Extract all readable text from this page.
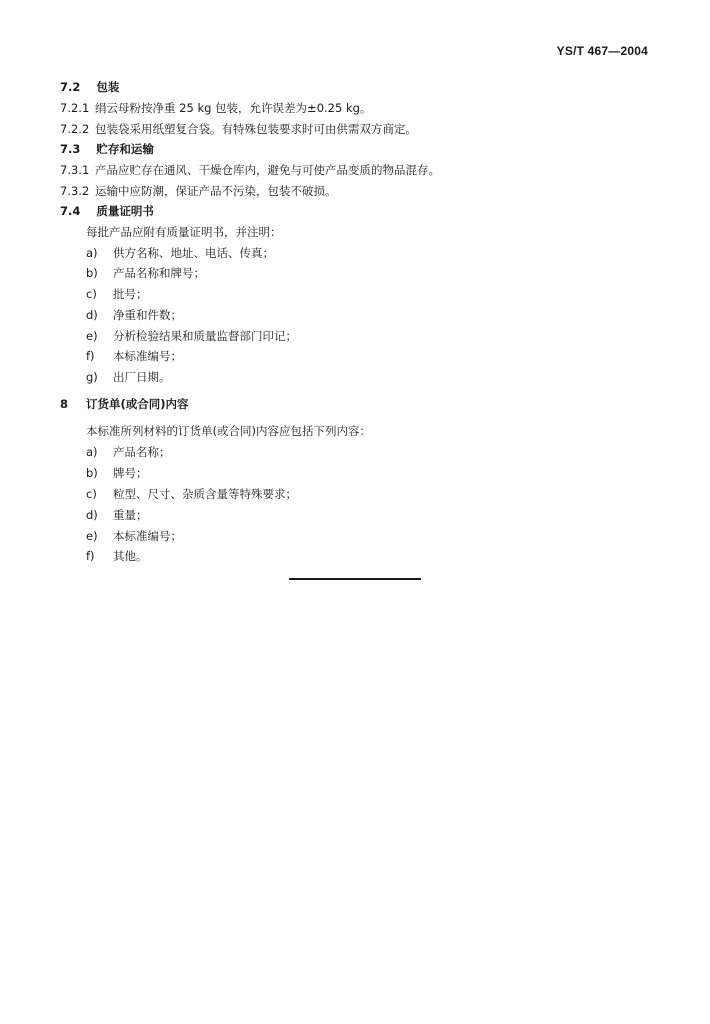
YS/T 467—2004
7.2 包装
7.2.1 绢云母粉按净重 25 kg 包装，允许误差为±0.25 kg。
7.2.2 包装袋采用纸塑复合袋。有特殊包装要求时可由供需双方商定。
7.3 贮存和运输
7.3.1 产品应贮存在通风、干燥仓库内，避免与可使产品变质的物品混存。
7.3.2 运输中应防潮，保证产品不污染，包装不破损。
7.4 质量证明书
每批产品应附有质量证明书，并注明：
a) 供方名称、地址、电话、传真；
b) 产品名称和牌号；
c) 批号；
d) 净重和件数；
e) 分析检验结果和质量监督部门印记；
f) 本标准编号；
g) 出厂日期。
8 订货单(或合同)内容
本标准所列材料的订货单(或合同)内容应包括下列内容：
a) 产品名称；
b) 牌号；
c) 粒型、尺寸、杂质含量等特殊要求；
d) 重量；
e) 本标准编号；
f) 其他。
